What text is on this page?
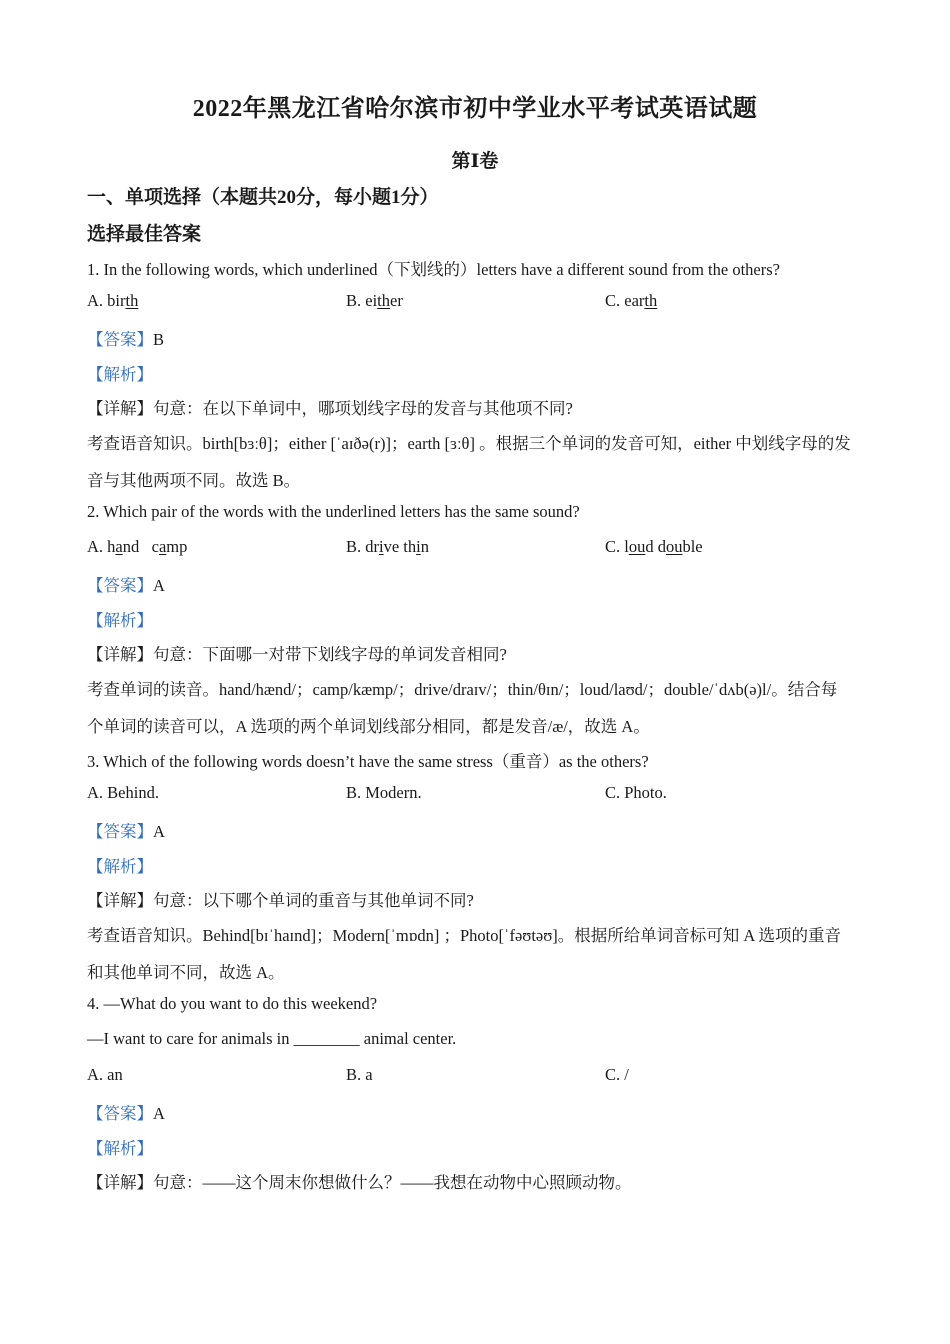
2022年黑龙江省哈尔滨市初中学业水平考试英语试题
第Ⅰ卷
一、单项选择（本题共20分，每小题1分）
选择最佳答案
1. In the following words, which underlined（下划线的）letters have a different sound from the others?
A. birth	B. either	C. earth
【答案】B
【解析】
【详解】句意：在以下单词中，哪项划线字母的发音与其他项不同?
考查语音知识。birth[bɜːθ]；either [ˈaɪðə(r)]；earth [ɜːθ] 。根据三个单词的发音可知，either 中划线字母的发
音与其他两项不同。故选 B。
2. Which pair of the words with the underlined letters has the same sound?
A. hand camp	B. drive thin	C. loud double
【答案】A
【解析】
【详解】句意：下面哪一对带下划线字母的单词发音相同?
考查单词的读音。hand/hænd/；camp/kæmp/；drive/draɪv/；thin/θɪn/；loud/laʊd/；double/ˈdʌb(ə)l/。结合每
个单词的读音可以，A 选项的两个单词划线部分相同，都是发音/æ/，故选 A。
3. Which of the following words doesn’t have the same stress（重音）as the others?
A. Behind.	B. Modern.	C. Photo.
【答案】A
【解析】
【详解】句意：以下哪个单词的重音与其他单词不同?
考查语音知识。Behind[bɪˈhaɪnd]；Modern[ˈmɒdn] ；Photo[ˈfəʊtəʊ]。根据所给单词音标可知 A 选项的重音
和其他单词不同，故选 A。
4. —What do you want to do this weekend?
—I want to care for animals in ________ animal center.
A. an	B. a	C. /
【答案】A
【解析】
【详解】句意：——这个周末你想做什么？——我想在动物中心照顾动物。
